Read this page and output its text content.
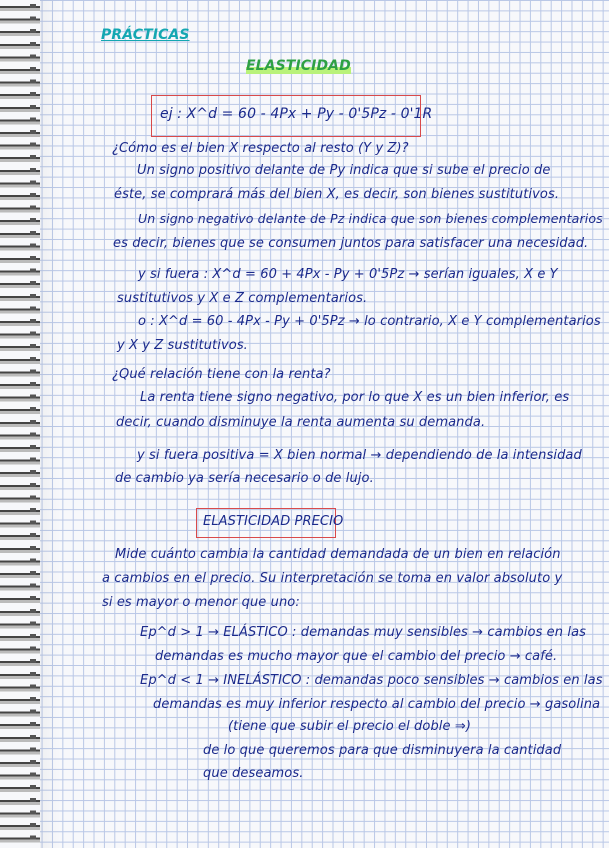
PRÁCTICAS
ELASTICIDAD
ej : X^d = 60 - 4Px + Py - 0'5Pz - 0'1R
¿Cómo es el bien X respecto al resto (Y y Z)?
Un signo positivo delante de Py indica que si sube el precio de
éste, se comprará más del bien X, es decir, son bienes sustitutivos.
Un signo negativo delante de Pz indica que son bienes complementarios
es decir, bienes que se consumen juntos para satisfacer una necesidad.
y si fuera : X^d = 60 + 4Px - Py + 0'5Pz → serían iguales, X e Y
sustitutivos y X e Z complementarios.
o : X^d = 60 - 4Px - Py + 0'5Pz → lo contrario, X e Y complementarios
y X y Z sustitutivos.
¿Qué relación tiene con la renta?
La renta tiene signo negativo, por lo que X es un bien inferior, es
decir, cuando disminuye la renta aumenta su demanda.
y si fuera positiva = X bien normal → dependiendo de la intensidad
de cambio ya sería necesario o de lujo.
ELASTICIDAD PRECIO
Mide cuánto cambia la cantidad demandada de un bien en relación
a cambios en el precio. Su interpretación se toma en valor absoluto y
si es mayor o menor que uno:
Ep^d > 1 → ELÁSTICO : demandas muy sensibles → cambios en las
demandas es mucho mayor que el cambio del precio → café.
Ep^d < 1 → INELÁSTICO : demandas poco sensibles → cambios en las
demandas es muy inferior respecto al cambio del precio → gasolina
(tiene que subir el precio el doble ⇒)
de lo que queremos para que disminuyera la cantidad
que deseamos.
